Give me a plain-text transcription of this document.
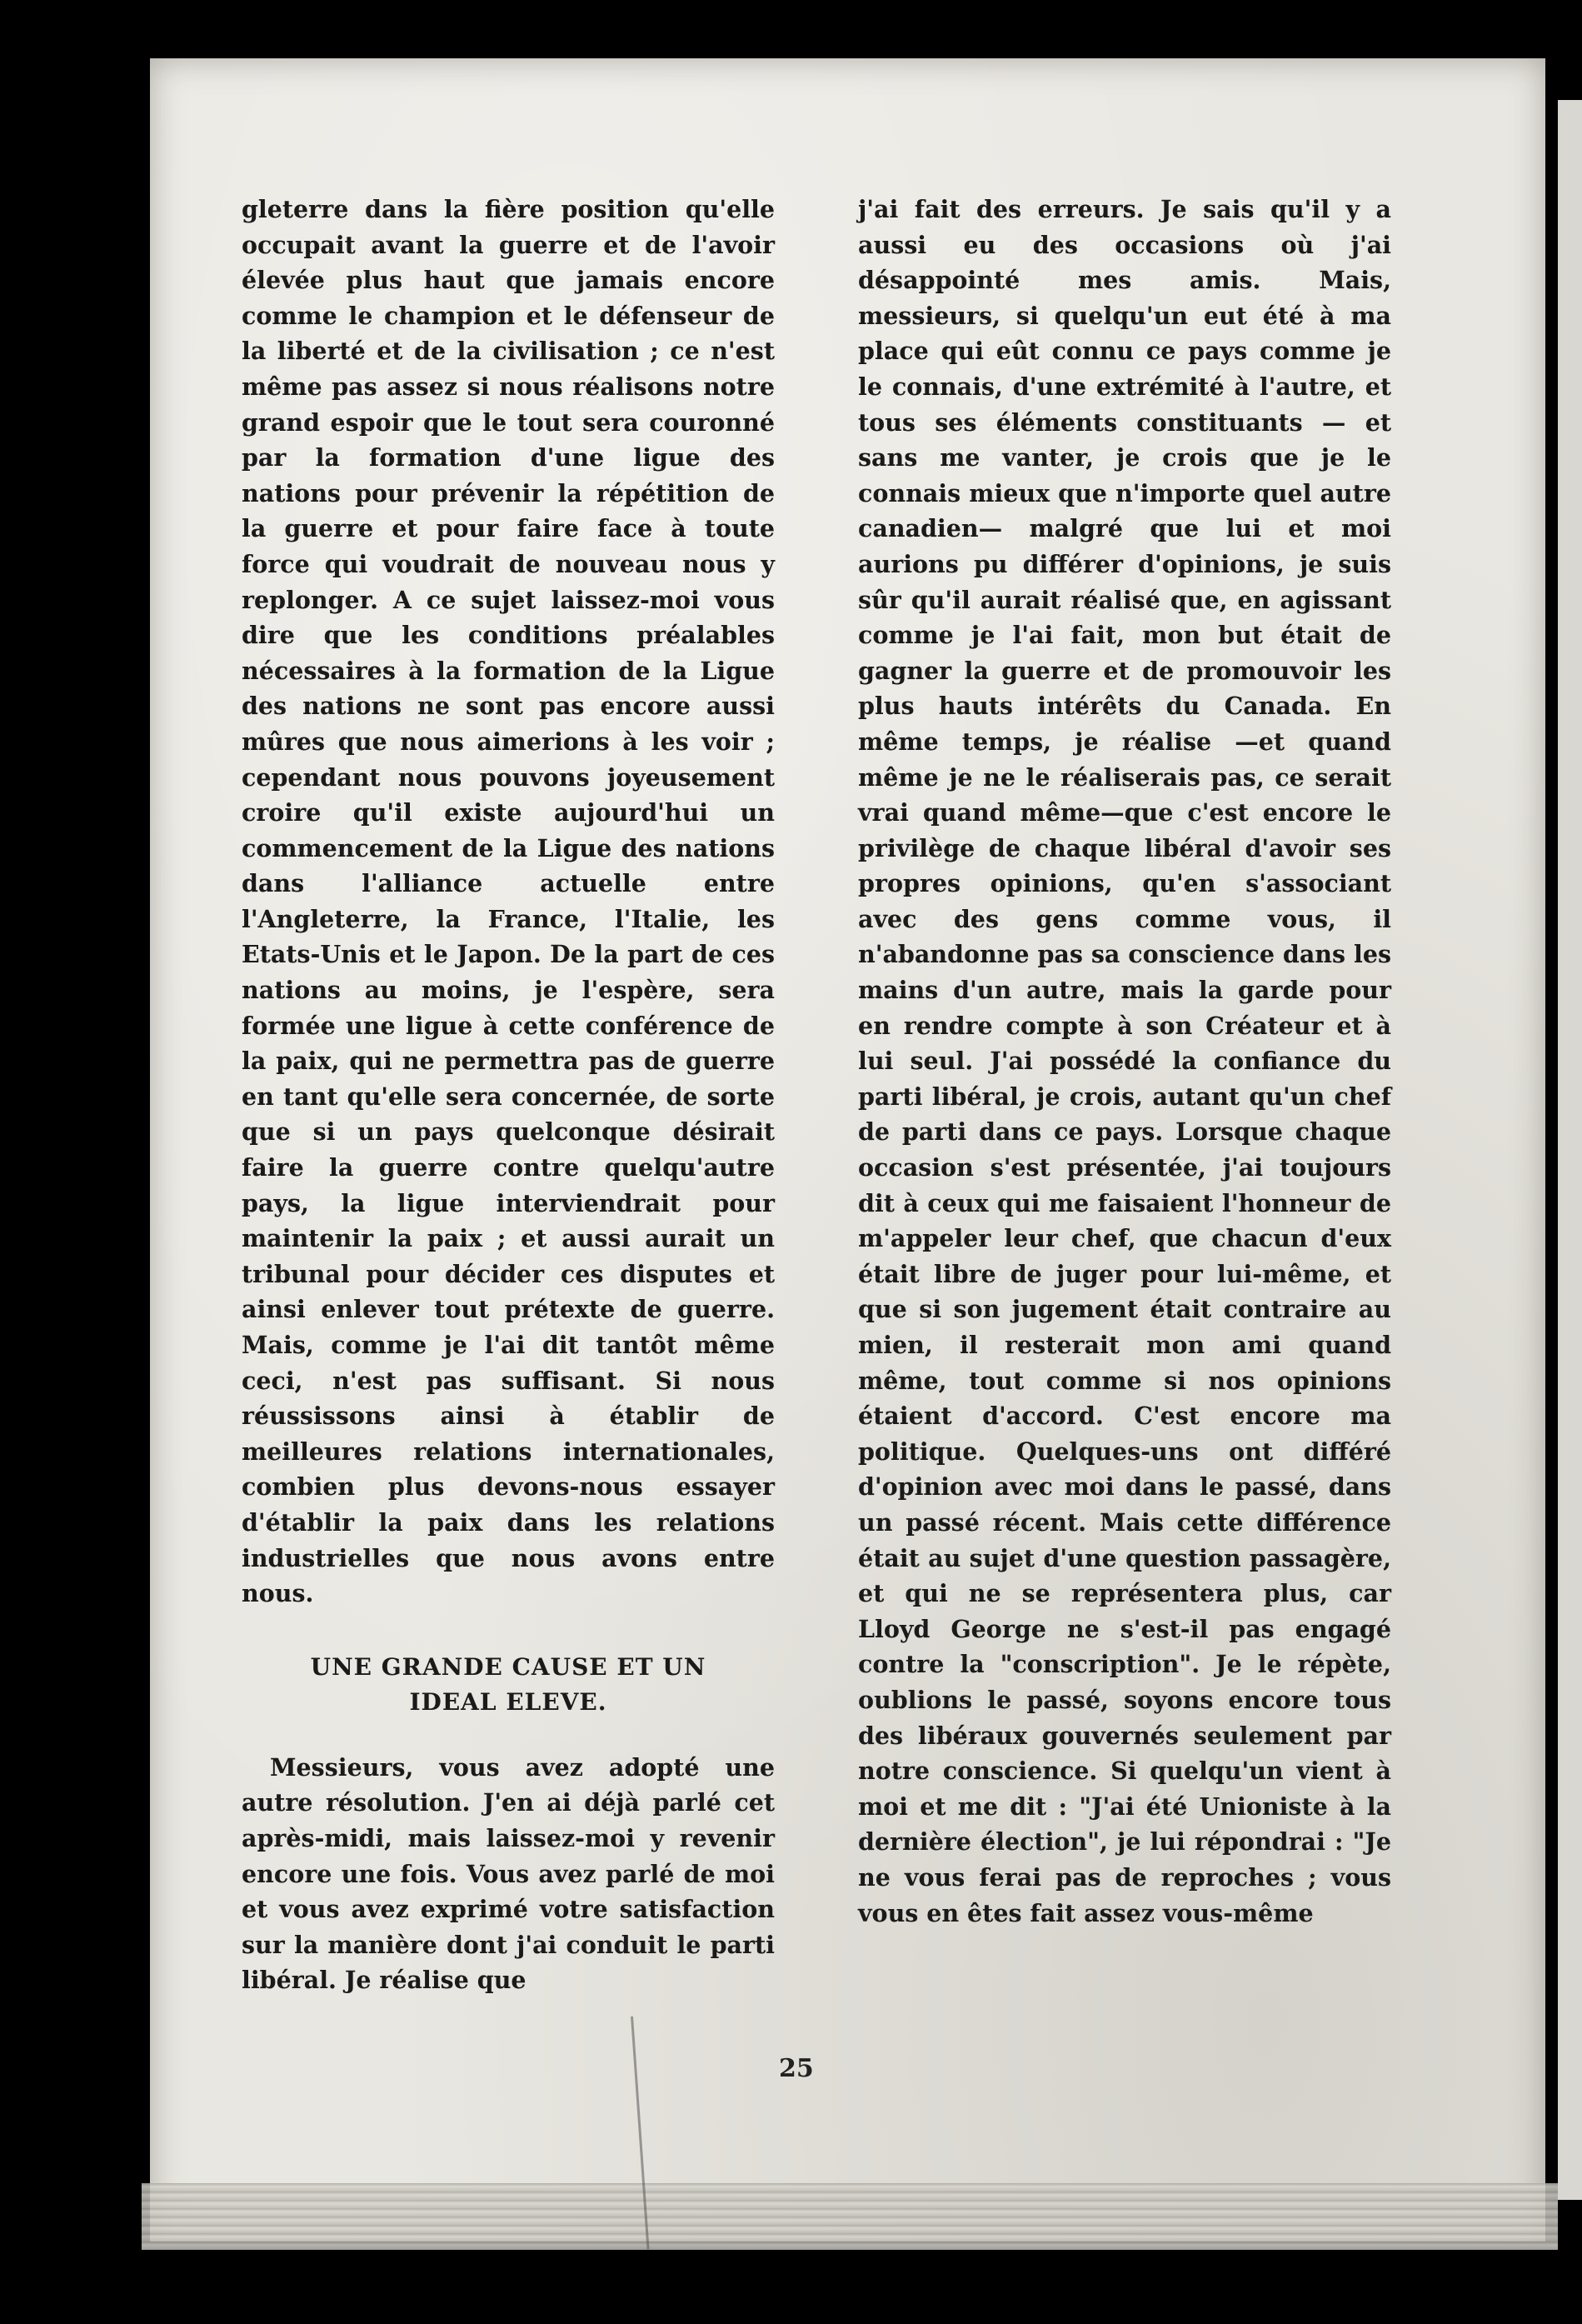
gleterre dans la fière position qu'elle occupait avant la guerre et de l'avoir élevée plus haut que jamais encore comme le champion et le défenseur de la liberté et de la civilisation ; ce n'est même pas assez si nous réalisons notre grand espoir que le tout sera couronné par la formation d'une ligue des nations pour prévenir la répétition de la guerre et pour faire face à toute force qui voudrait de nouveau nous y replonger. A ce sujet laissez-moi vous dire que les conditions préalables nécessaires à la formation de la Ligue des nations ne sont pas encore aussi mûres que nous aimerions à les voir ; cependant nous pouvons joyeusement croire qu'il existe aujourd'hui un commencement de la Ligue des nations dans l'alliance actuelle entre l'Angleterre, la France, l'Italie, les Etats-Unis et le Japon. De la part de ces nations au moins, je l'espère, sera formée une ligue à cette conférence de la paix, qui ne permettra pas de guerre en tant qu'elle sera concernée, de sorte que si un pays quelconque désirait faire la guerre contre quelqu'autre pays, la ligue interviendrait pour maintenir la paix ; et aussi aurait un tribunal pour décider ces disputes et ainsi enlever tout prétexte de guerre. Mais, comme je l'ai dit tantôt même ceci, n'est pas suffisant. Si nous réussissons ainsi à établir de meilleures relations internationales, combien plus devons-nous essayer d'établir la paix dans les relations industrielles que nous avons entre nous.
UNE GRANDE CAUSE ET UN
IDEAL ELEVE.
Messieurs, vous avez adopté une autre résolution. J'en ai déjà parlé cet après-midi, mais laissez-moi y revenir encore une fois. Vous avez parlé de moi et vous avez exprimé votre satisfaction sur la manière dont j'ai conduit le parti libéral. Je réalise que
j'ai fait des erreurs. Je sais qu'il y a aussi eu des occasions où j'ai désappointé mes amis. Mais, messieurs, si quelqu'un eut été à ma place qui eût connu ce pays comme je le connais, d'une extrémité à l'autre, et tous ses éléments constituants — et sans me vanter, je crois que je le connais mieux que n'importe quel autre canadien— malgré que lui et moi aurions pu différer d'opinions, je suis sûr qu'il aurait réalisé que, en agissant comme je l'ai fait, mon but était de gagner la guerre et de promouvoir les plus hauts intérêts du Canada. En même temps, je réalise —et quand même je ne le réaliserais pas, ce serait vrai quand même—que c'est encore le privilège de chaque libéral d'avoir ses propres opinions, qu'en s'associant avec des gens comme vous, il n'abandonne pas sa conscience dans les mains d'un autre, mais la garde pour en rendre compte à son Créateur et à lui seul. J'ai possédé la confiance du parti libéral, je crois, autant qu'un chef de parti dans ce pays. Lorsque chaque occasion s'est présentée, j'ai toujours dit à ceux qui me faisaient l'honneur de m'appeler leur chef, que chacun d'eux était libre de juger pour lui-même, et que si son jugement était contraire au mien, il resterait mon ami quand même, tout comme si nos opinions étaient d'accord. C'est encore ma politique. Quelques-uns ont différé d'opinion avec moi dans le passé, dans un passé récent. Mais cette différence était au sujet d'une question passagère, et qui ne se représentera plus, car Lloyd George ne s'est-il pas engagé contre la "conscription". Je le répète, oublions le passé, soyons encore tous des libéraux gouvernés seulement par notre conscience. Si quelqu'un vient à moi et me dit : "J'ai été Unioniste à la dernière élection", je lui répondrai : "Je ne vous ferai pas de reproches ; vous vous en êtes fait assez vous-même
25
